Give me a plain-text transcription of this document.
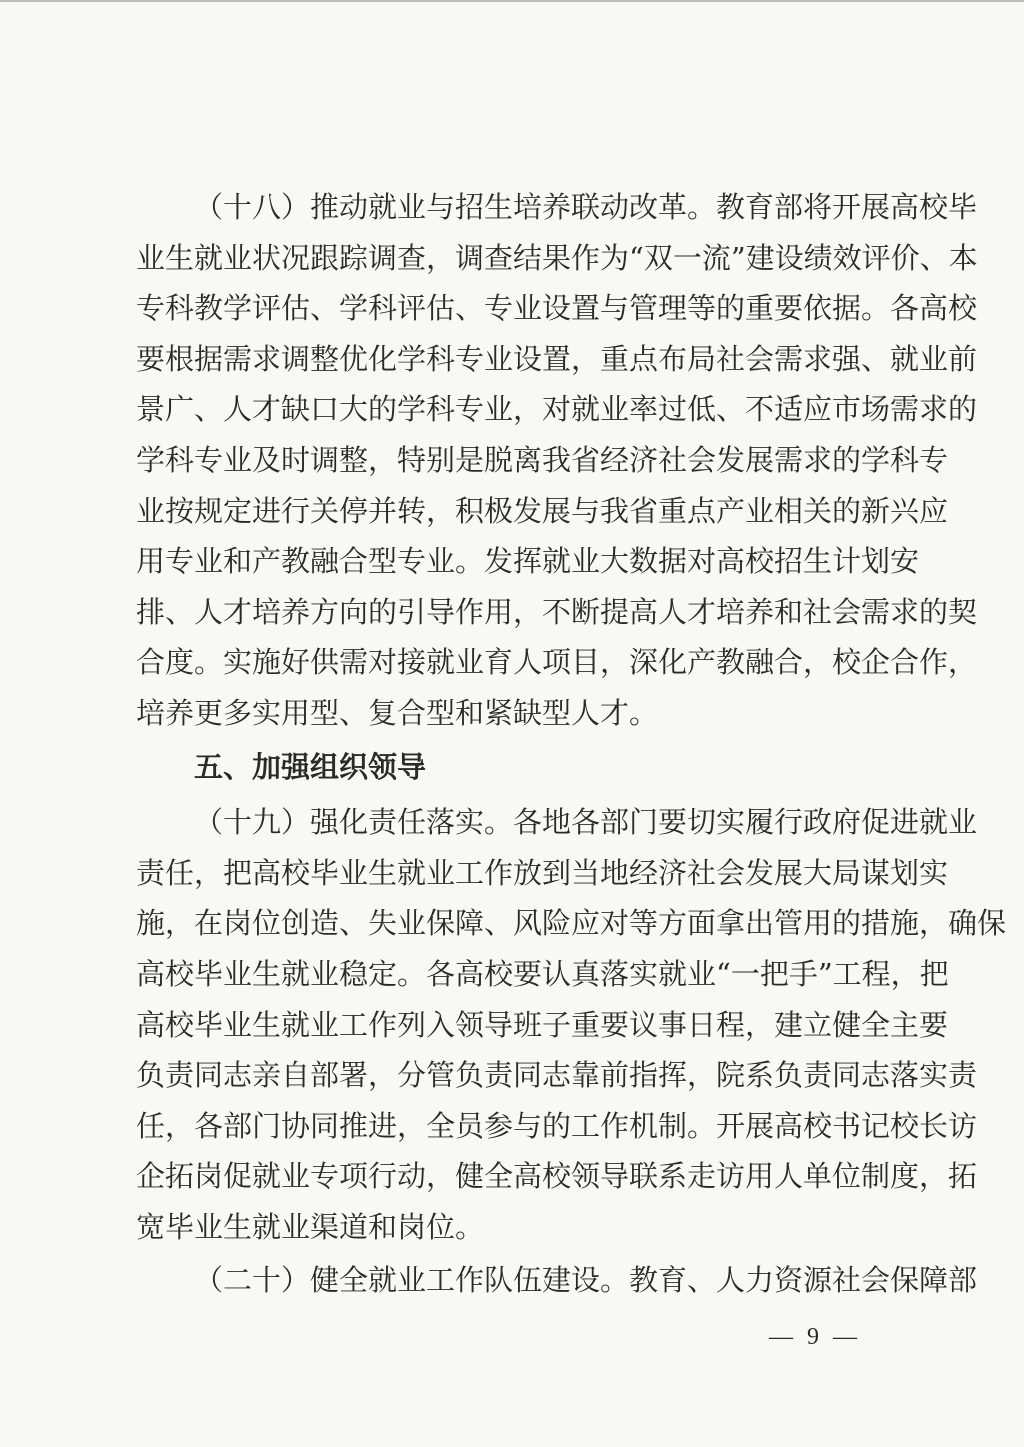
（十八）推动就业与招生培养联动改革。教育部将开展高校毕
业生就业状况跟踪调查，调查结果作为“双一流”建设绩效评价、本
专科教学评估、学科评估、专业设置与管理等的重要依据。各高校
要根据需求调整优化学科专业设置，重点布局社会需求强、就业前
景广、人才缺口大的学科专业，对就业率过低、不适应市场需求的
学科专业及时调整，特别是脱离我省经济社会发展需求的学科专
业按规定进行关停并转，积极发展与我省重点产业相关的新兴应
用专业和产教融合型专业。发挥就业大数据对高校招生计划安
排、人才培养方向的引导作用，不断提高人才培养和社会需求的契
合度。实施好供需对接就业育人项目，深化产教融合，校企合作，
培养更多实用型、复合型和紧缺型人才。
五、加强组织领导
（十九）强化责任落实。各地各部门要切实履行政府促进就业
责任，把高校毕业生就业工作放到当地经济社会发展大局谋划实
施，在岗位创造、失业保障、风险应对等方面拿出管用的措施，确保
高校毕业生就业稳定。各高校要认真落实就业“一把手”工程，把
高校毕业生就业工作列入领导班子重要议事日程，建立健全主要
负责同志亲自部署，分管负责同志靠前指挥，院系负责同志落实责
任，各部门协同推进，全员参与的工作机制。开展高校书记校长访
企拓岗促就业专项行动，健全高校领导联系走访用人单位制度，拓
宽毕业生就业渠道和岗位。
（二十）健全就业工作队伍建设。教育、人力资源社会保障部
— 9 —
